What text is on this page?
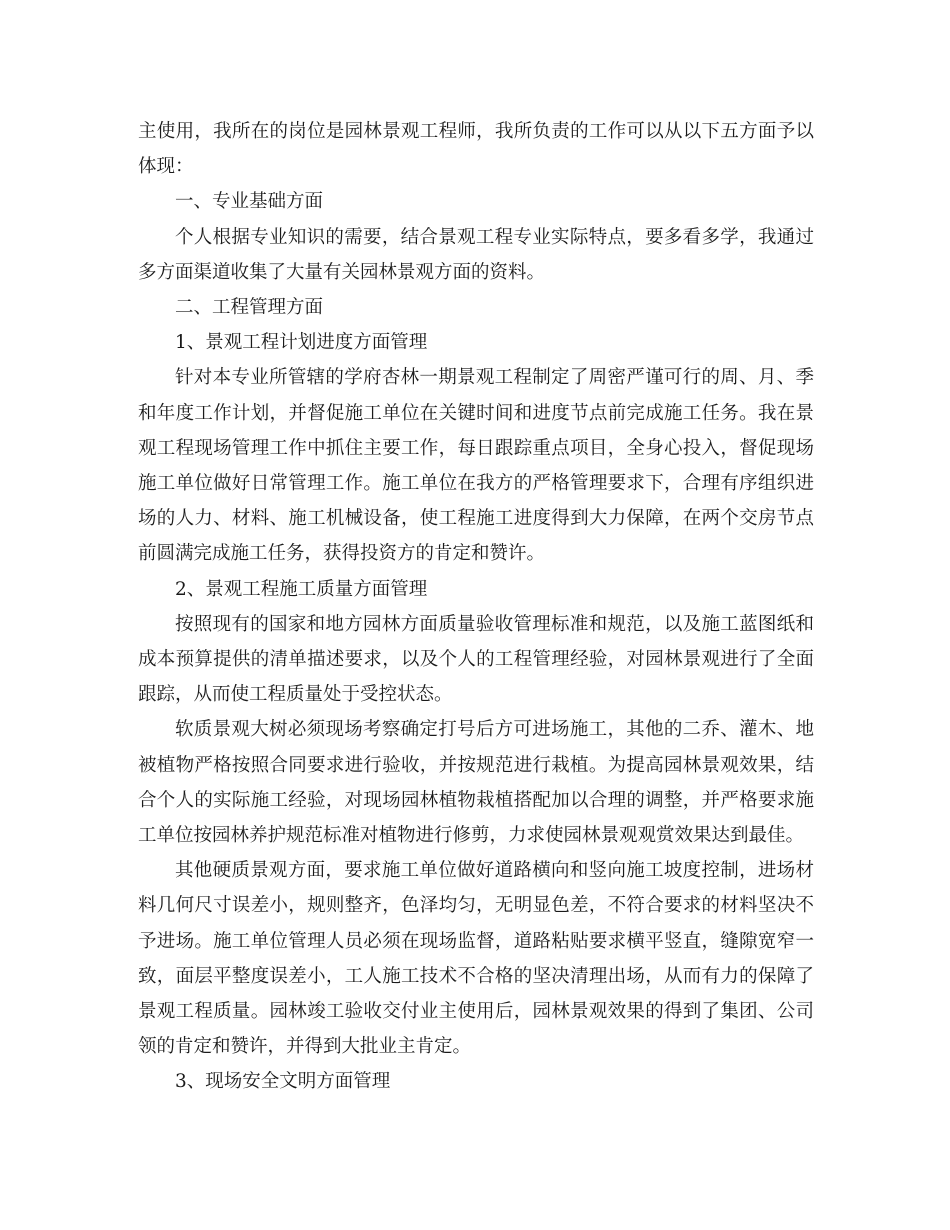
主使用，我所在的岗位是园林景观工程师，我所负责的工作可以从以下五方面予以体现：

一、专业基础方面

个人根据专业知识的需要，结合景观工程专业实际特点，要多看多学，我通过多方面渠道收集了大量有关园林景观方面的资料。

二、工程管理方面

1、景观工程计划进度方面管理

针对本专业所管辖的学府杏林一期景观工程制定了周密严谨可行的周、月、季和年度工作计划，并督促施工单位在关键时间和进度节点前完成施工任务。我在景观工程现场管理工作中抓住主要工作，每日跟踪重点项目，全身心投入，督促现场施工单位做好日常管理工作。施工单位在我方的严格管理要求下，合理有序组织进场的人力、材料、施工机械设备，使工程施工进度得到大力保障，在两个交房节点前圆满完成施工任务，获得投资方的肯定和赞许。

2、景观工程施工质量方面管理

按照现有的国家和地方园林方面质量验收管理标准和规范，以及施工蓝图纸和成本预算提供的清单描述要求，以及个人的工程管理经验，对园林景观进行了全面跟踪，从而使工程质量处于受控状态。

软质景观大树必须现场考察确定打号后方可进场施工，其他的二乔、灌木、地被植物严格按照合同要求进行验收，并按规范进行栽植。为提高园林景观效果，结合个人的实际施工经验，对现场园林植物栽植搭配加以合理的调整，并严格要求施工单位按园林养护规范标准对植物进行修剪，力求使园林景观观赏效果达到最佳。

其他硬质景观方面，要求施工单位做好道路横向和竖向施工坡度控制，进场材料几何尺寸误差小，规则整齐，色泽均匀，无明显色差，不符合要求的材料坚决不予进场。施工单位管理人员必须在现场监督，道路粘贴要求横平竖直，缝隙宽窄一致，面层平整度误差小，工人施工技术不合格的坚决清理出场，从而有力的保障了景观工程质量。园林竣工验收交付业主使用后，园林景观效果的得到了集团、公司领的肯定和赞许，并得到大批业主肯定。

3、现场安全文明方面管理
